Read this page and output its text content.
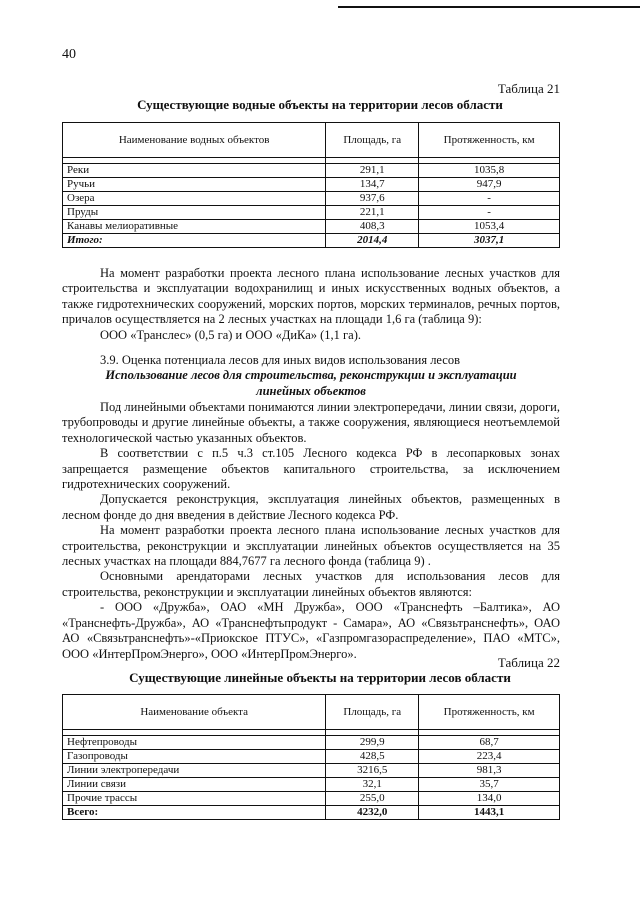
40
Таблица 21
Существующие водные объекты на территории лесов области
Наименование водных объектов	Площадь, га	Протяженность, км

Реки	291,1	1035,8
Ручьи	134,7	947,9
Озера	937,6	-
Пруды	221,1	-
Канавы мелиоративные	408,3	1053,4
Итого:	2014,4	3037,1

На момент разработки проекта лесного плана использование лесных участков для строительства и эксплуатации водохранилищ и иных искусственных водных объектов, а также гидротехнических сооружений, морских портов, морских терминалов, речных портов, причалов осуществляется на 2 лесных участках на площади 1,6 га (таблица 9):

ООО «Транслес» (0,5 га) и ООО «ДиКа» (1,1 га).

3.9. Оценка потенциала лесов для иных видов использования лесов

Использование лесов для строительства, реконструкции и эксплуатации
линейных объектов

Под линейными объектами понимаются линии электропередачи, линии связи, дороги, трубопроводы и другие линейные объекты, а также сооружения, являющиеся неотъемлемой технологической частью указанных объектов.

В соответствии с п.5 ч.3 ст.105 Лесного кодекса РФ в лесопарковых зонах запрещается размещение объектов капитального строительства, за исключением гидротехнических сооружений.

Допускается реконструкция, эксплуатация линейных объектов, размещенных в лесном фонде до дня введения в действие Лесного кодекса РФ.

На момент разработки проекта лесного плана использование лесных участков для строительства, реконструкции и эксплуатации линейных объектов осуществляется на 35 лесных участках на площади 884,7677 га лесного фонда (таблица 9) .

Основными арендаторами лесных участков для использования лесов для строительства, реконструкции и эксплуатации линейных объектов являются:

- ООО «Дружба», ОАО «МН Дружба», ООО «Транснефть –Балтика», АО «Транснефть-Дружба», АО «Транснефтьпродукт - Самара», АО «Связьтранснефть», ОАО АО «Связьтранснефть»-«Приокское ПТУС», «Газпромгазораспределение», ПАО «МТС», ООО «ИнтерПромЭнерго», ООО «ИнтерПромЭнерго».

Таблица 22
Существующие линейные объекты на территории лесов области
Наименование объекта	Площадь, га	Протяженность, км

Нефтепроводы	299,9	68,7
Газопроводы	428,5	223,4
Линии электропередачи	3216,5	981,3
Линии связи	32,1	35,7
Прочие трассы	255,0	134,0
Всего:	4232,0	1443,1
